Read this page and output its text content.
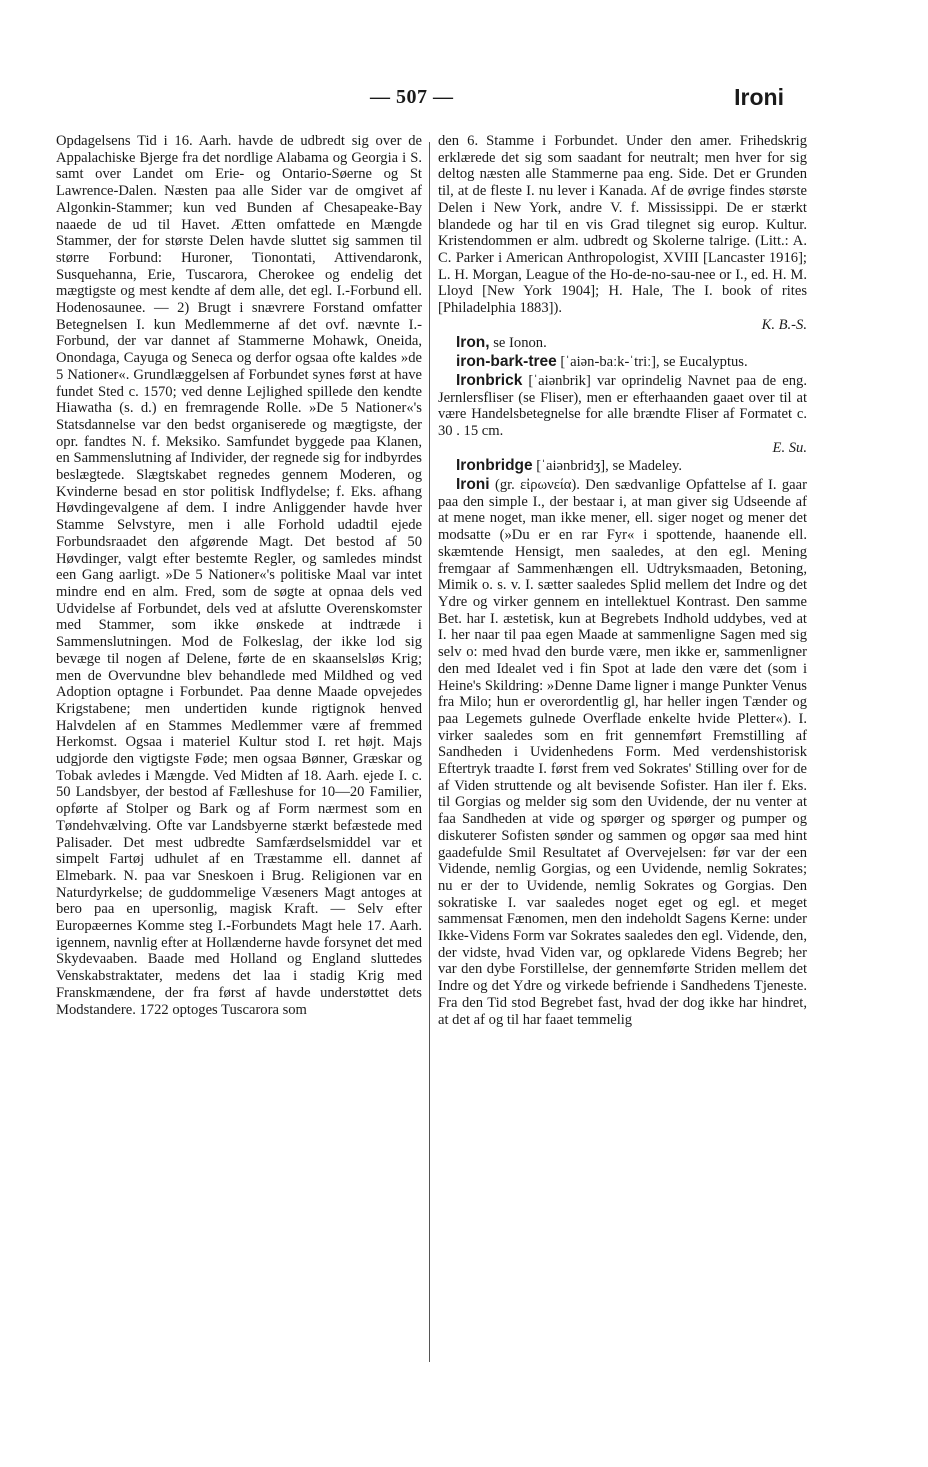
— 507 —	Ironi

Opdagelsens Tid i 16. Aarh. havde de udbredt sig over de Appalachiske Bjerge fra det nordlige Alabama og Georgia i S. samt over Landet om Erie- og Ontario-Søerne og St Lawrence-Dalen. Næsten paa alle Sider var de omgivet af Algonkin-Stammer; kun ved Bunden af Chesapeake-Bay naaede de ud til Havet. Ætten omfattede en Mængde Stammer, der for største Delen havde sluttet sig sammen til større Forbund: Huroner, Tionontati, Attivendaronk, Susquehanna, Erie, Tuscarora, Cherokee og endelig det mægtigste og mest kendte af dem alle, det egl. I.-Forbund ell. Hodenosaunee. — 2) Brugt i snævrere Forstand omfatter Betegnelsen I. kun Medlemmerne af det ovf. nævnte I.-Forbund, der var dannet af Stammerne Mohawk, Oneida, Onondaga, Cayuga og Seneca og derfor ogsaa ofte kaldes »de 5 Nationer«. Grundlæggelsen af Forbundet synes først at have fundet Sted c. 1570; ved denne Lejlighed spillede den kendte Hiawatha (s. d.) en fremragende Rolle. »De 5 Nationer«'s Statsdannelse var den bedst organiserede og mægtigste, der opr. fandtes N. f. Meksiko. Samfundet byggede paa Klanen, en Sammenslutning af Individer, der regnede sig for indbyrdes beslægtede. Slægtskabet regnedes gennem Moderen, og Kvinderne besad en stor politisk Indflydelse; f. Eks. afhang Høvdingevalgene af dem. I indre Anliggender havde hver Stamme Selvstyre, men i alle Forhold udadtil ejede Forbundsraadet den afgørende Magt. Det bestod af 50 Høvdinger, valgt efter bestemte Regler, og samledes mindst een Gang aarligt. »De 5 Nationer«'s politiske Maal var intet mindre end en alm. Fred, som de søgte at opnaa dels ved Udvidelse af Forbundet, dels ved at afslutte Overenskomster med Stammer, som ikke ønskede at indtræde i Sammenslutningen. Mod de Folkeslag, der ikke lod sig bevæge til nogen af Delene, førte de en skaanselsløs Krig; men de Overvundne blev behandlede med Mildhed og ved Adoption optagne i Forbundet. Paa denne Maade opvejedes Krigstabene; men undertiden kunde rigtignok henved Halvdelen af en Stammes Medlemmer være af fremmed Herkomst. Ogsaa i materiel Kultur stod I. ret højt. Majs udgjorde den vigtigste Føde; men ogsaa Bønner, Græskar og Tobak avledes i Mængde. Ved Midten af 18. Aarh. ejede I. c. 50 Landsbyer, der bestod af Fælleshuse for 10—20 Familier, opførte af Stolper og Bark og af Form nærmest som en Tøndehvælving. Ofte var Landsbyerne stærkt befæstede med Palisader. Det mest udbredte Samfærdselsmiddel var et simpelt Fartøj udhulet af en Træstamme ell. dannet af Elmebark. N. paa var Sneskoen i Brug. Religionen var en Naturdyrkelse; de guddommelige Væseners Magt antoges at bero paa en upersonlig, magisk Kraft. — Selv efter Europæernes Komme steg I.-Forbundets Magt hele 17. Aarh. igennem, navnlig efter at Hollænderne havde forsynet det med Skydevaaben. Baade med Holland og England sluttedes Venskabstraktater, medens det laa i stadig Krig med Franskmændene, der fra først af havde understøttet dets Modstandere. 1722 optoges Tuscarora som

den 6. Stamme i Forbundet. Under den amer. Frihedskrig erklærede det sig som saadant for neutralt; men hver for sig deltog næsten alle Stammerne paa eng. Side. Det er Grunden til, at de fleste I. nu lever i Kanada. Af de øvrige findes største Delen i New York, andre V. f. Mississippi. De er stærkt blandede og har til en vis Grad tilegnet sig europ. Kultur. Kristendommen er alm. udbredt og Skolerne talrige. (Litt.: A. C. Parker i American Anthropologist, XVIII [Lancaster 1916]; L. H. Morgan, League of the Ho-de-no-sau-nee or I., ed. H. M. Lloyd [New York 1904]; H. Hale, The I. book of rites [Philadelphia 1883]).

K. B.-S.

Iron, se Ionon.

iron-bark-tree [ˈaiən-baːk-ˈtriː], se Eucalyptus.

Ironbrick [ˈaiənbrik] var oprindelig Navnet paa de eng. Jernlersfliser (se Fliser), men er efterhaanden gaaet over til at være Handelsbetegnelse for alle brændte Fliser af Formatet c. 30 . 15 cm.

E. Su.

Ironbridge [ˈaiənbridʒ], se Madeley.

Ironi (gr. εἰρωνεία). Den sædvanlige Opfattelse af I. gaar paa den simple I., der bestaar i, at man giver sig Udseende af at mene noget, man ikke mener, ell. siger noget og mener det modsatte (»Du er en rar Fyr« i spottende, haanende ell. skæmtende Hensigt, men saaledes, at den egl. Mening fremgaar af Sammenhængen ell. Udtryksmaaden, Betoning, Mimik o. s. v. I. sætter saaledes Splid mellem det Indre og det Ydre og virker gennem en intellektuel Kontrast. Den samme Bet. har I. æstetisk, kun at Begrebets Indhold uddybes, ved at I. her naar til paa egen Maade at sammenligne Sagen med sig selv o: med hvad den burde være, men ikke er, sammenligner den med Idealet ved i fin Spot at lade den være det (som i Heine's Skildring: »Denne Dame ligner i mange Punkter Venus fra Milo; hun er overordentlig gl, har heller ingen Tænder og paa Legemets gulnede Overflade enkelte hvide Pletter«). I. virker saaledes som en frit gennemført Fremstilling af Sandheden i Uvidenhedens Form. Med verdenshistorisk Eftertryk traadte I. først frem ved Sokrates' Stilling over for de af Viden struttende og alt bevisende Sofister. Han iler f. Eks. til Gorgias og melder sig som den Uvidende, der nu venter at faa Sandheden at vide og spørger og spørger og pumper og diskuterer Sofisten sønder og sammen og opgør saa med hint gaadefulde Smil Resultatet af Overvejelsen: før var der een Vidende, nemlig Gorgias, og een Uvidende, nemlig Sokrates; nu er der to Uvidende, nemlig Sokrates og Gorgias. Den sokratiske I. var saaledes noget eget og egl. et meget sammensat Fænomen, men den indeholdt Sagens Kerne: under Ikke-Videns Form var Sokrates saaledes den egl. Vidende, den, der vidste, hvad Viden var, og opklarede Videns Begreb; her var den dybe Forstillelse, der gennemførte Striden mellem det Indre og det Ydre og virkede befriende i Sandhedens Tjeneste. Fra den Tid stod Begrebet fast, hvad der dog ikke har hindret, at det af og til har faaet temmelig
